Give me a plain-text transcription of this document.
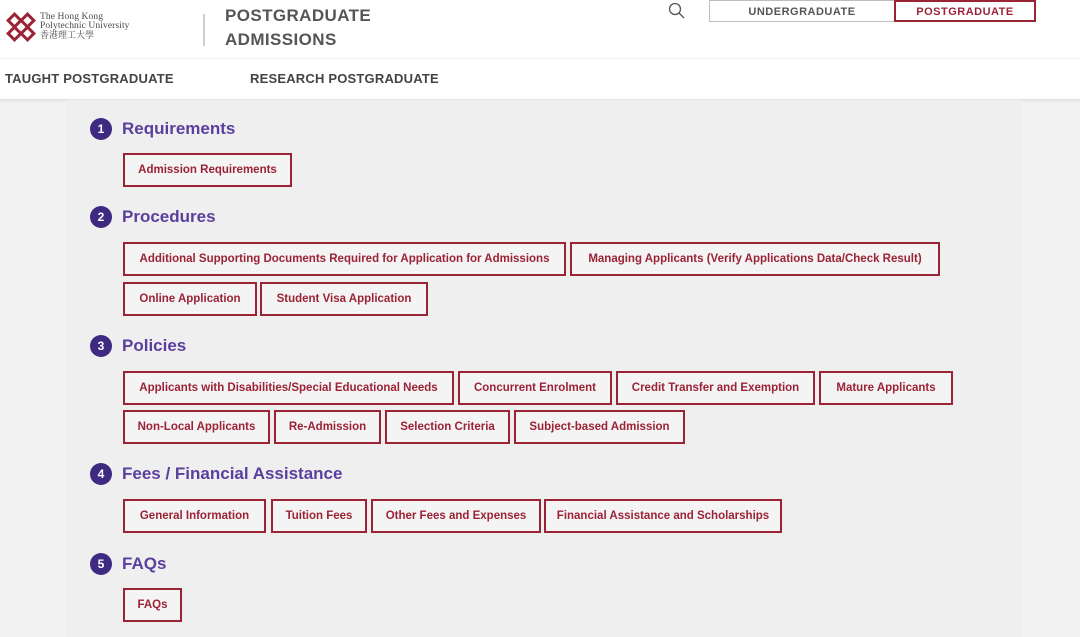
The Hong Kong
Polytechnic University
香港理工大學
POSTGRADUATE
ADMISSIONS
UNDERGRADUATE	POSTGRADUATE
TAUGHT POSTGRADUATE	RESEARCH POSTGRADUATE
1	Requirements
Admission Requirements
2	Procedures
Additional Supporting Documents Required for Application for Admissions	Managing Applicants (Verify Applications Data/Check Result)
Online Application	Student Visa Application
3	Policies
Applicants with Disabilities/Special Educational Needs	Concurrent Enrolment	Credit Transfer and Exemption	Mature Applicants
Non-Local Applicants	Re-Admission	Selection Criteria	Subject-based Admission
4	Fees / Financial Assistance
General Information	Tuition Fees	Other Fees and Expenses	Financial Assistance and Scholarships
5	FAQs
FAQs
